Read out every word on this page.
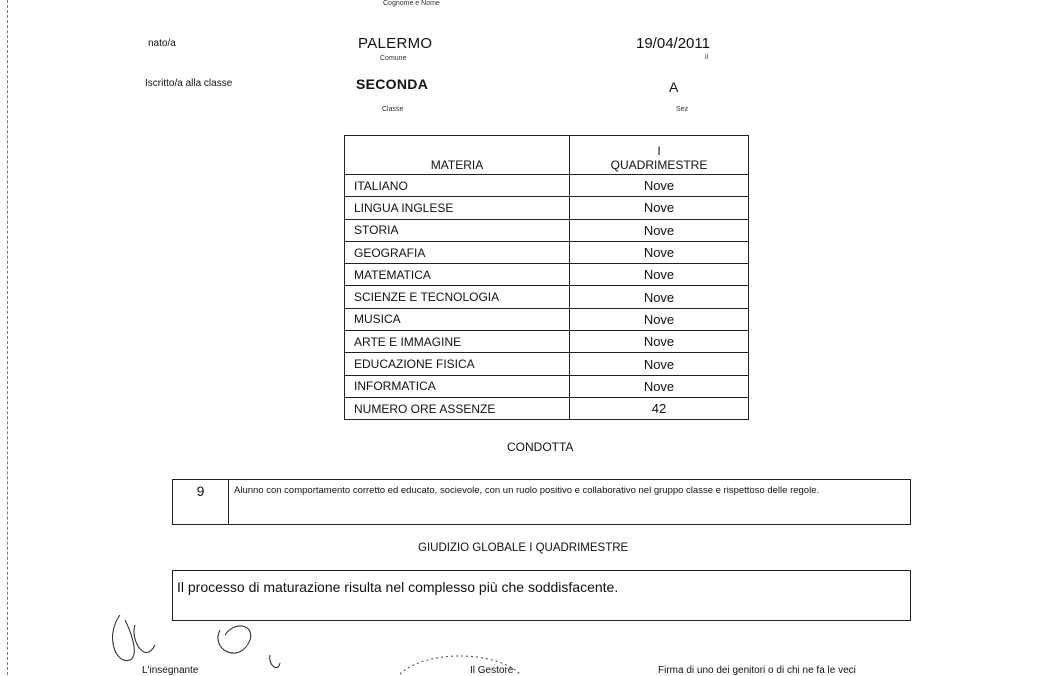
Cognome e Nome
nato/a	PALERMO
Comune
19/04/2011
il
Iscritto/a alla classe	SECONDA
Classe
A
Sez
MATERIA	I
QUADRIMESTRE

ITALIANO	Nove
LINGUA INGLESE	Nove
STORIA	Nove
GEOGRAFIA	Nove
MATEMATICA	Nove
SCIENZE E TECNOLOGIA	Nove
MUSICA	Nove
ARTE E IMMAGINE	Nove
EDUCAZIONE FISICA	Nove
INFORMATICA	Nove
NUMERO ORE ASSENZE	42
CONDOTTA
9	Alunno con comportamento corretto ed educato, socievole, con un ruolo positivo e collaborativo nel gruppo classe e rispettoso delle regole.
GIUDIZIO GLOBALE I QUADRIMESTRE
Il processo di maturazione risulta nel complesso più che soddisfacente.
L'insegnante	Il Gestore	Firma di uno dei genitori o di chi ne fa le veci
